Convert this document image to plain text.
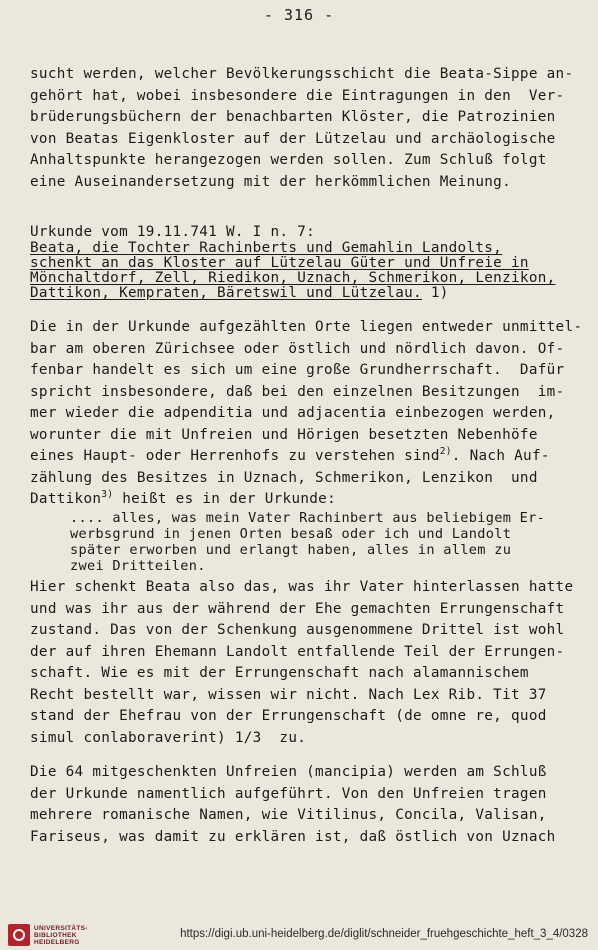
- 316 -
sucht werden, welcher Bevölkerungsschicht die Beata-Sippe an-
gehört hat, wobei insbesondere die Eintragungen in den  Ver-
brüderungsbüchern der benachbarten Klöster, die Patrozinien
von Beatas Eigenkloster auf der Lützelau und archäologische
Anhaltspunkte herangezogen werden sollen. Zum Schluß folgt
eine Auseinandersetzung mit der herkömmlichen Meinung.
Urkunde vom 19.11.741 W. I n. 7:
Beata, die Tochter Rachinberts und Gemahlin Landolts,
schenkt an das Kloster auf Lützelau Güter und Unfreie in
Mönchaltdorf, Zell, Riedikon, Uznach, Schmerikon, Lenzikon,
Dattikon, Kempraten, Bäretswil und Lützelau. 1)
Die in der Urkunde aufgezählten Orte liegen entweder unmittel-
bar am oberen Zürichsee oder östlich und nördlich davon. Of-
fenbar handelt es sich um eine große Grundherrschaft.  Dafür
spricht insbesondere, daß bei den einzelnen Besitzungen  im-
mer wieder die adpenditia und adjacentia einbezogen werden,
worunter die mit Unfreien und Hörigen besetzten Nebenhöfe
eines Haupt- oder Herrenhofs zu verstehen sind$^{2)}$. Nach Auf-
zählung des Besitzes in Uznach, Schmerikon, Lenzikon  und
Dattikon$^{3)}$ heißt es in der Urkunde:
.... alles, was mein Vater Rachinbert aus beliebigem Er-
werbsgrund in jenen Orten besaß oder ich und Landolt
später erworben und erlangt haben, alles in allem zu
zwei Dritteilen.
Hier schenkt Beata also das, was ihr Vater hinterlassen hatte
und was ihr aus der während der Ehe gemachten Errungenschaft
zustand. Das von der Schenkung ausgenommene Drittel ist wohl
der auf ihren Ehemann Landolt entfallende Teil der Errungen-
schaft. Wie es mit der Errungenschaft nach alamannischem
Recht bestellt war, wissen wir nicht. Nach Lex Rib. Tit 37
stand der Ehefrau von der Errungenschaft (de omne re, quod
simul conlaboraverint) 1/3  zu.
Die 64 mitgeschenkten Unfreien (mancipia) werden am Schluß
der Urkunde namentlich aufgeführt. Von den Unfreien tragen
mehrere romanische Namen, wie Vitilinus, Concila, Valisan,
Fariseus, was damit zu erklären ist, daß östlich von Uznach
UNIVERSITÄTS-
BIBLIOTHEK
HEIDELBERG
https://digi.ub.uni-heidelberg.de/diglit/schneider_fruehgeschichte_heft_3_4/0328
